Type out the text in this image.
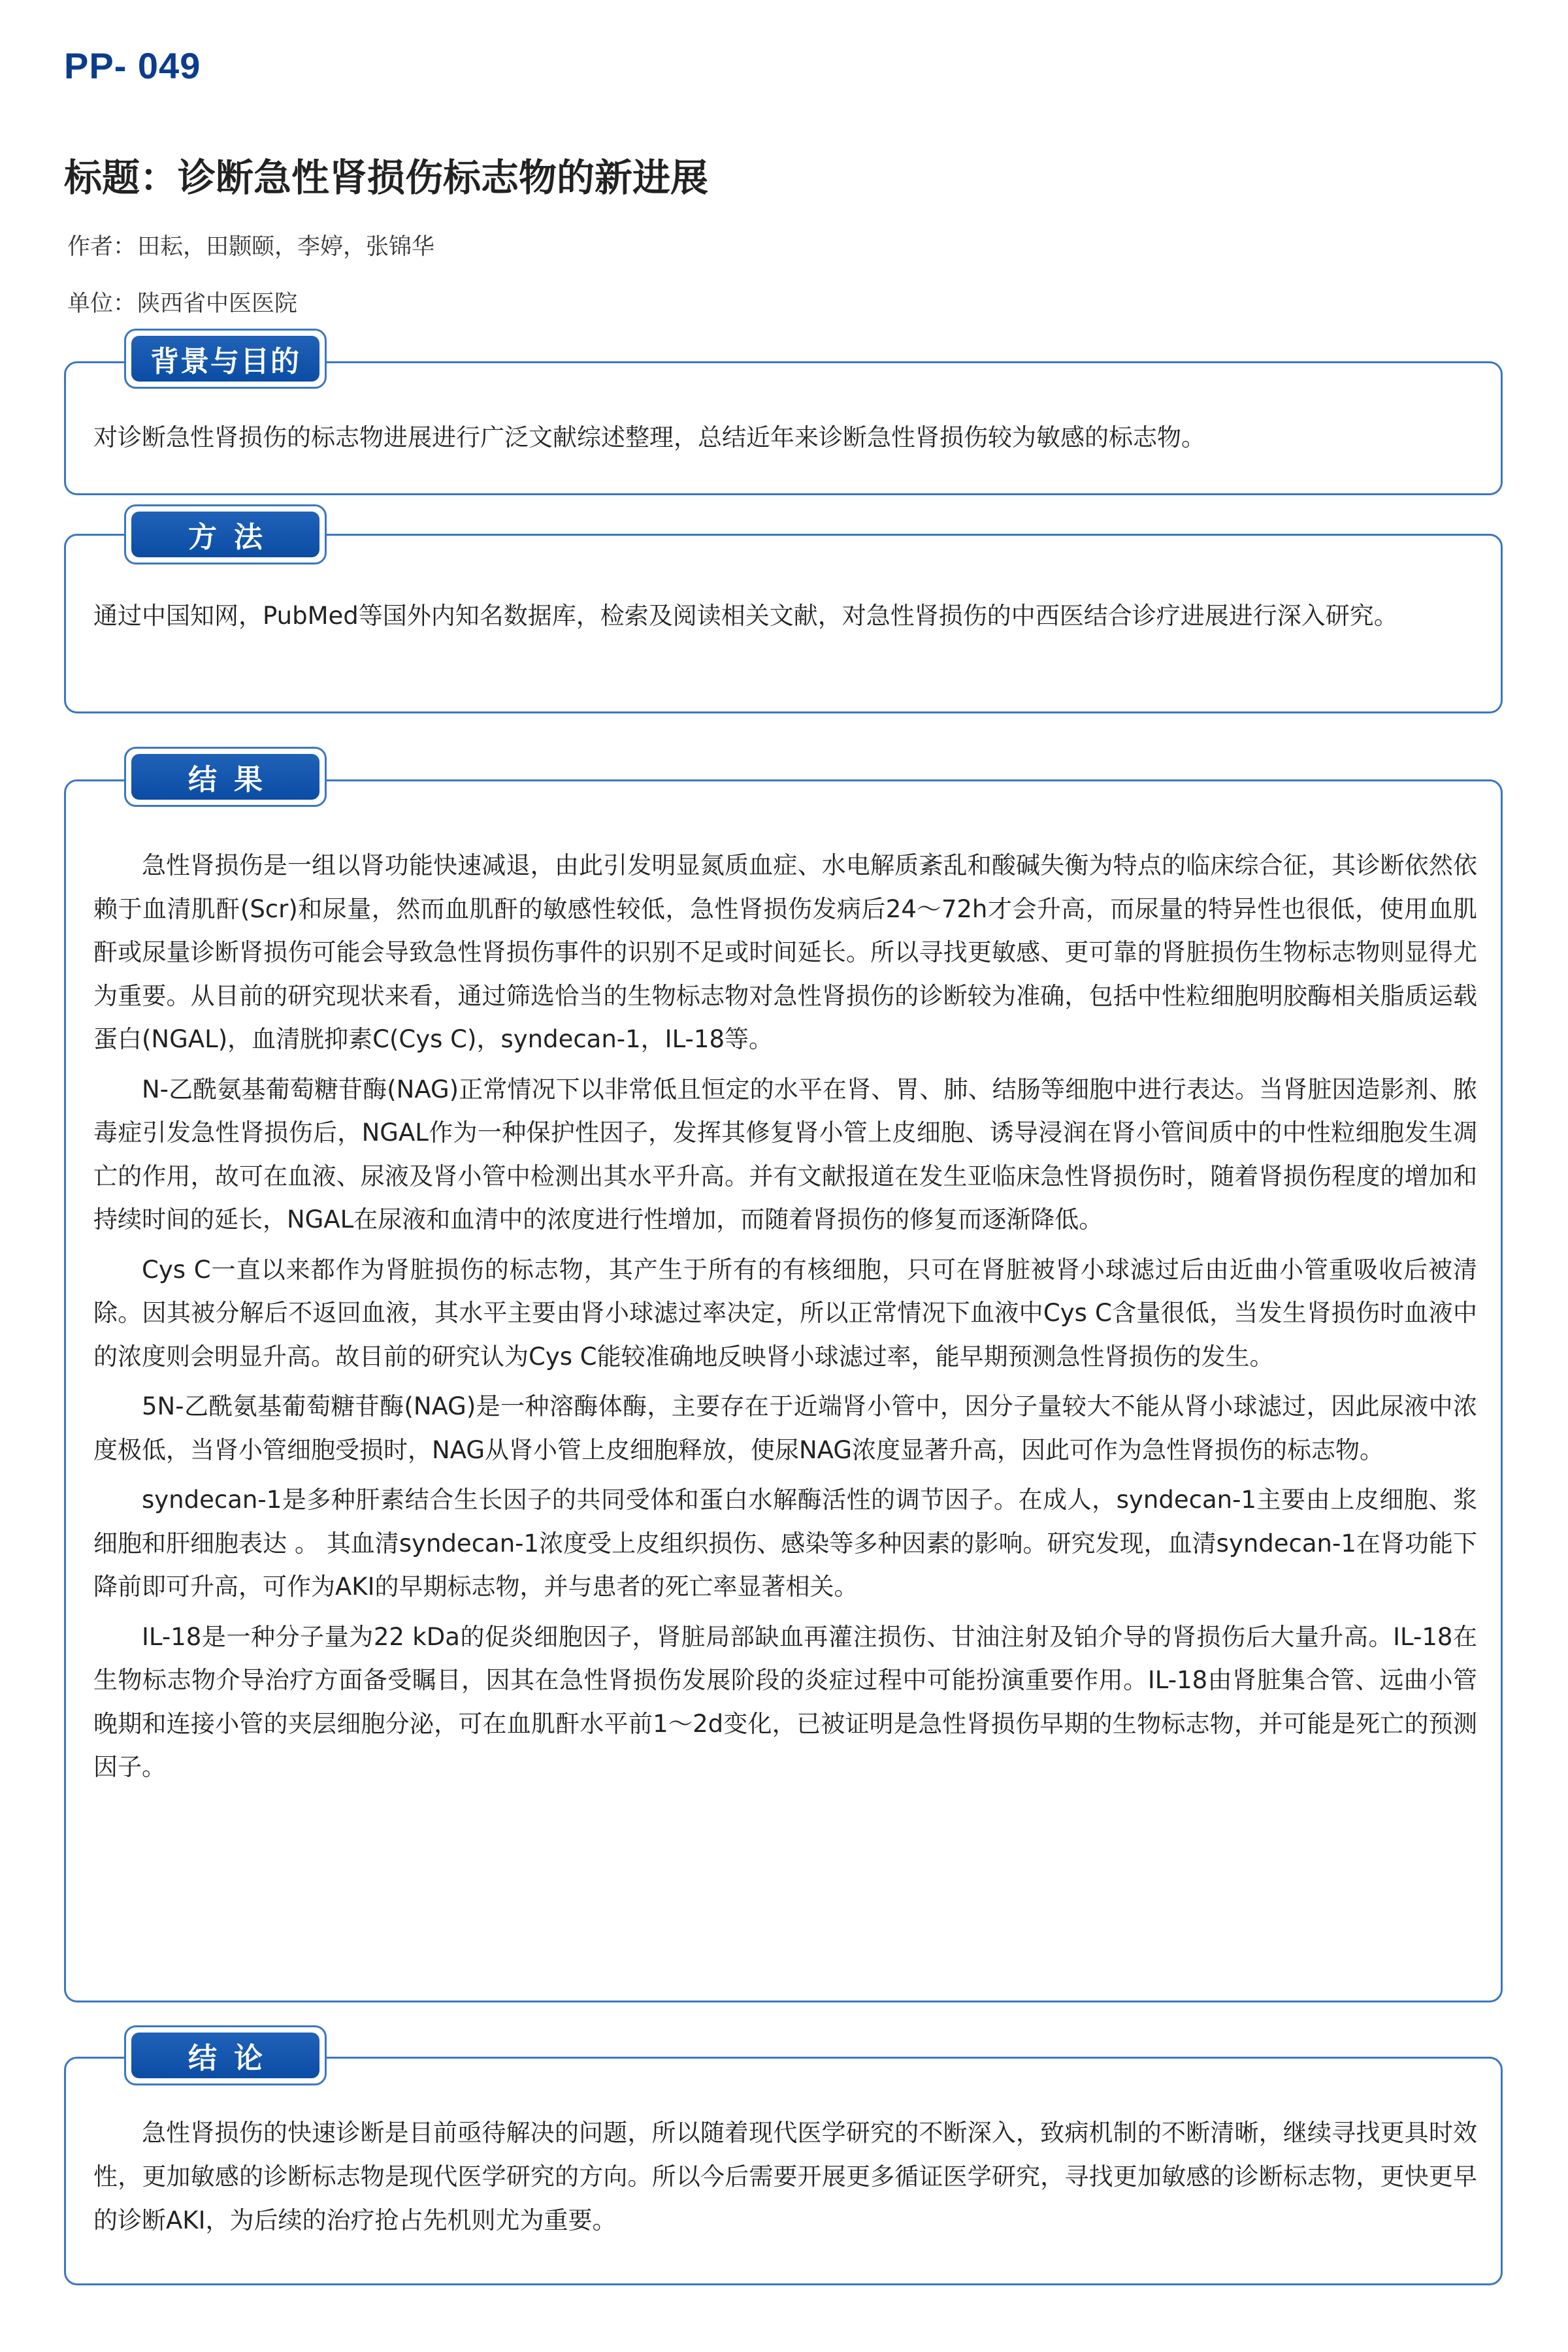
PP- 049
标题：诊断急性肾损伤标志物的新进展
作者：田耘，田颢颐，李婷，张锦华
单位：陕西省中医医院

对诊断急性肾损伤的标志物进展进行广泛文献综述整理，总结近年来诊断急性肾损伤较为敏感的标志物。

背景与目的

通过中国知网，PubMed等国外内知名数据库，检索及阅读相关文献，对急性肾损伤的中西医结合诊疗进展进行深入研究。

方法

急性肾损伤是一组以肾功能快速减退，由此引发明显氮质血症、水电解质紊乱和酸碱失衡为特点的临床综合征，其诊断依然依赖于血清肌酐(Scr)和尿量，然而血肌酐的敏感性较低，急性肾损伤发病后24～72h才会升高，而尿量的特异性也很低，使用血肌酐或尿量诊断肾损伤可能会导致急性肾损伤事件的识别不足或时间延长。所以寻找更敏感、更可靠的肾脏损伤生物标志物则显得尤为重要。从目前的研究现状来看，通过筛选恰当的生物标志物对急性肾损伤的诊断较为准确，包括中性粒细胞明胶酶相关脂质运载蛋白(NGAL)，血清胱抑素C(Cys C)，syndecan-1，IL-18等。

N-乙酰氨基葡萄糖苷酶(NAG)正常情况下以非常低且恒定的水平在肾、胃、肺、结肠等细胞中进行表达。当肾脏因造影剂、脓毒症引发急性肾损伤后，NGAL作为一种保护性因子，发挥其修复肾小管上皮细胞、诱导浸润在肾小管间质中的中性粒细胞发生凋亡的作用，故可在血液、尿液及肾小管中检测出其水平升高。并有文献报道在发生亚临床急性肾损伤时，随着肾损伤程度的增加和持续时间的延长，NGAL在尿液和血清中的浓度进行性增加，而随着肾损伤的修复而逐渐降低。

Cys C一直以来都作为肾脏损伤的标志物，其产生于所有的有核细胞，只可在肾脏被肾小球滤过后由近曲小管重吸收后被清除。因其被分解后不返回血液，其水平主要由肾小球滤过率决定，所以正常情况下血液中Cys C含量很低，当发生肾损伤时血液中的浓度则会明显升高。故目前的研究认为Cys C能较准确地反映肾小球滤过率，能早期预测急性肾损伤的发生。

5N-乙酰氨基葡萄糖苷酶(NAG)是一种溶酶体酶，主要存在于近端肾小管中，因分子量较大不能从肾小球滤过，因此尿液中浓度极低，当肾小管细胞受损时，NAG从肾小管上皮细胞释放，使尿NAG浓度显著升高，因此可作为急性肾损伤的标志物。

syndecan-1是多种肝素结合生长因子的共同受体和蛋白水解酶活性的调节因子。在成人，syndecan-1主要由上皮细胞、浆细胞和肝细胞表达 。 其血清syndecan-1浓度受上皮组织损伤、感染等多种因素的影响。研究发现，血清syndecan-1在肾功能下降前即可升高，可作为AKI的早期标志物，并与患者的死亡率显著相关。

IL-18是一种分子量为22 kDa的促炎细胞因子，肾脏局部缺血再灌注损伤、甘油注射及铂介导的肾损伤后大量升高。IL-18在生物标志物介导治疗方面备受瞩目，因其在急性肾损伤发展阶段的炎症过程中可能扮演重要作用。IL-18由肾脏集合管、远曲小管晚期和连接小管的夹层细胞分泌，可在血肌酐水平前1～2d变化，已被证明是急性肾损伤早期的生物标志物，并可能是死亡的预测因子。

结果

急性肾损伤的快速诊断是目前亟待解决的问题，所以随着现代医学研究的不断深入，致病机制的不断清晰，继续寻找更具时效性，更加敏感的诊断标志物是现代医学研究的方向。所以今后需要开展更多循证医学研究，寻找更加敏感的诊断标志物，更快更早的诊断AKI，为后续的治疗抢占先机则尤为重要。

结论
